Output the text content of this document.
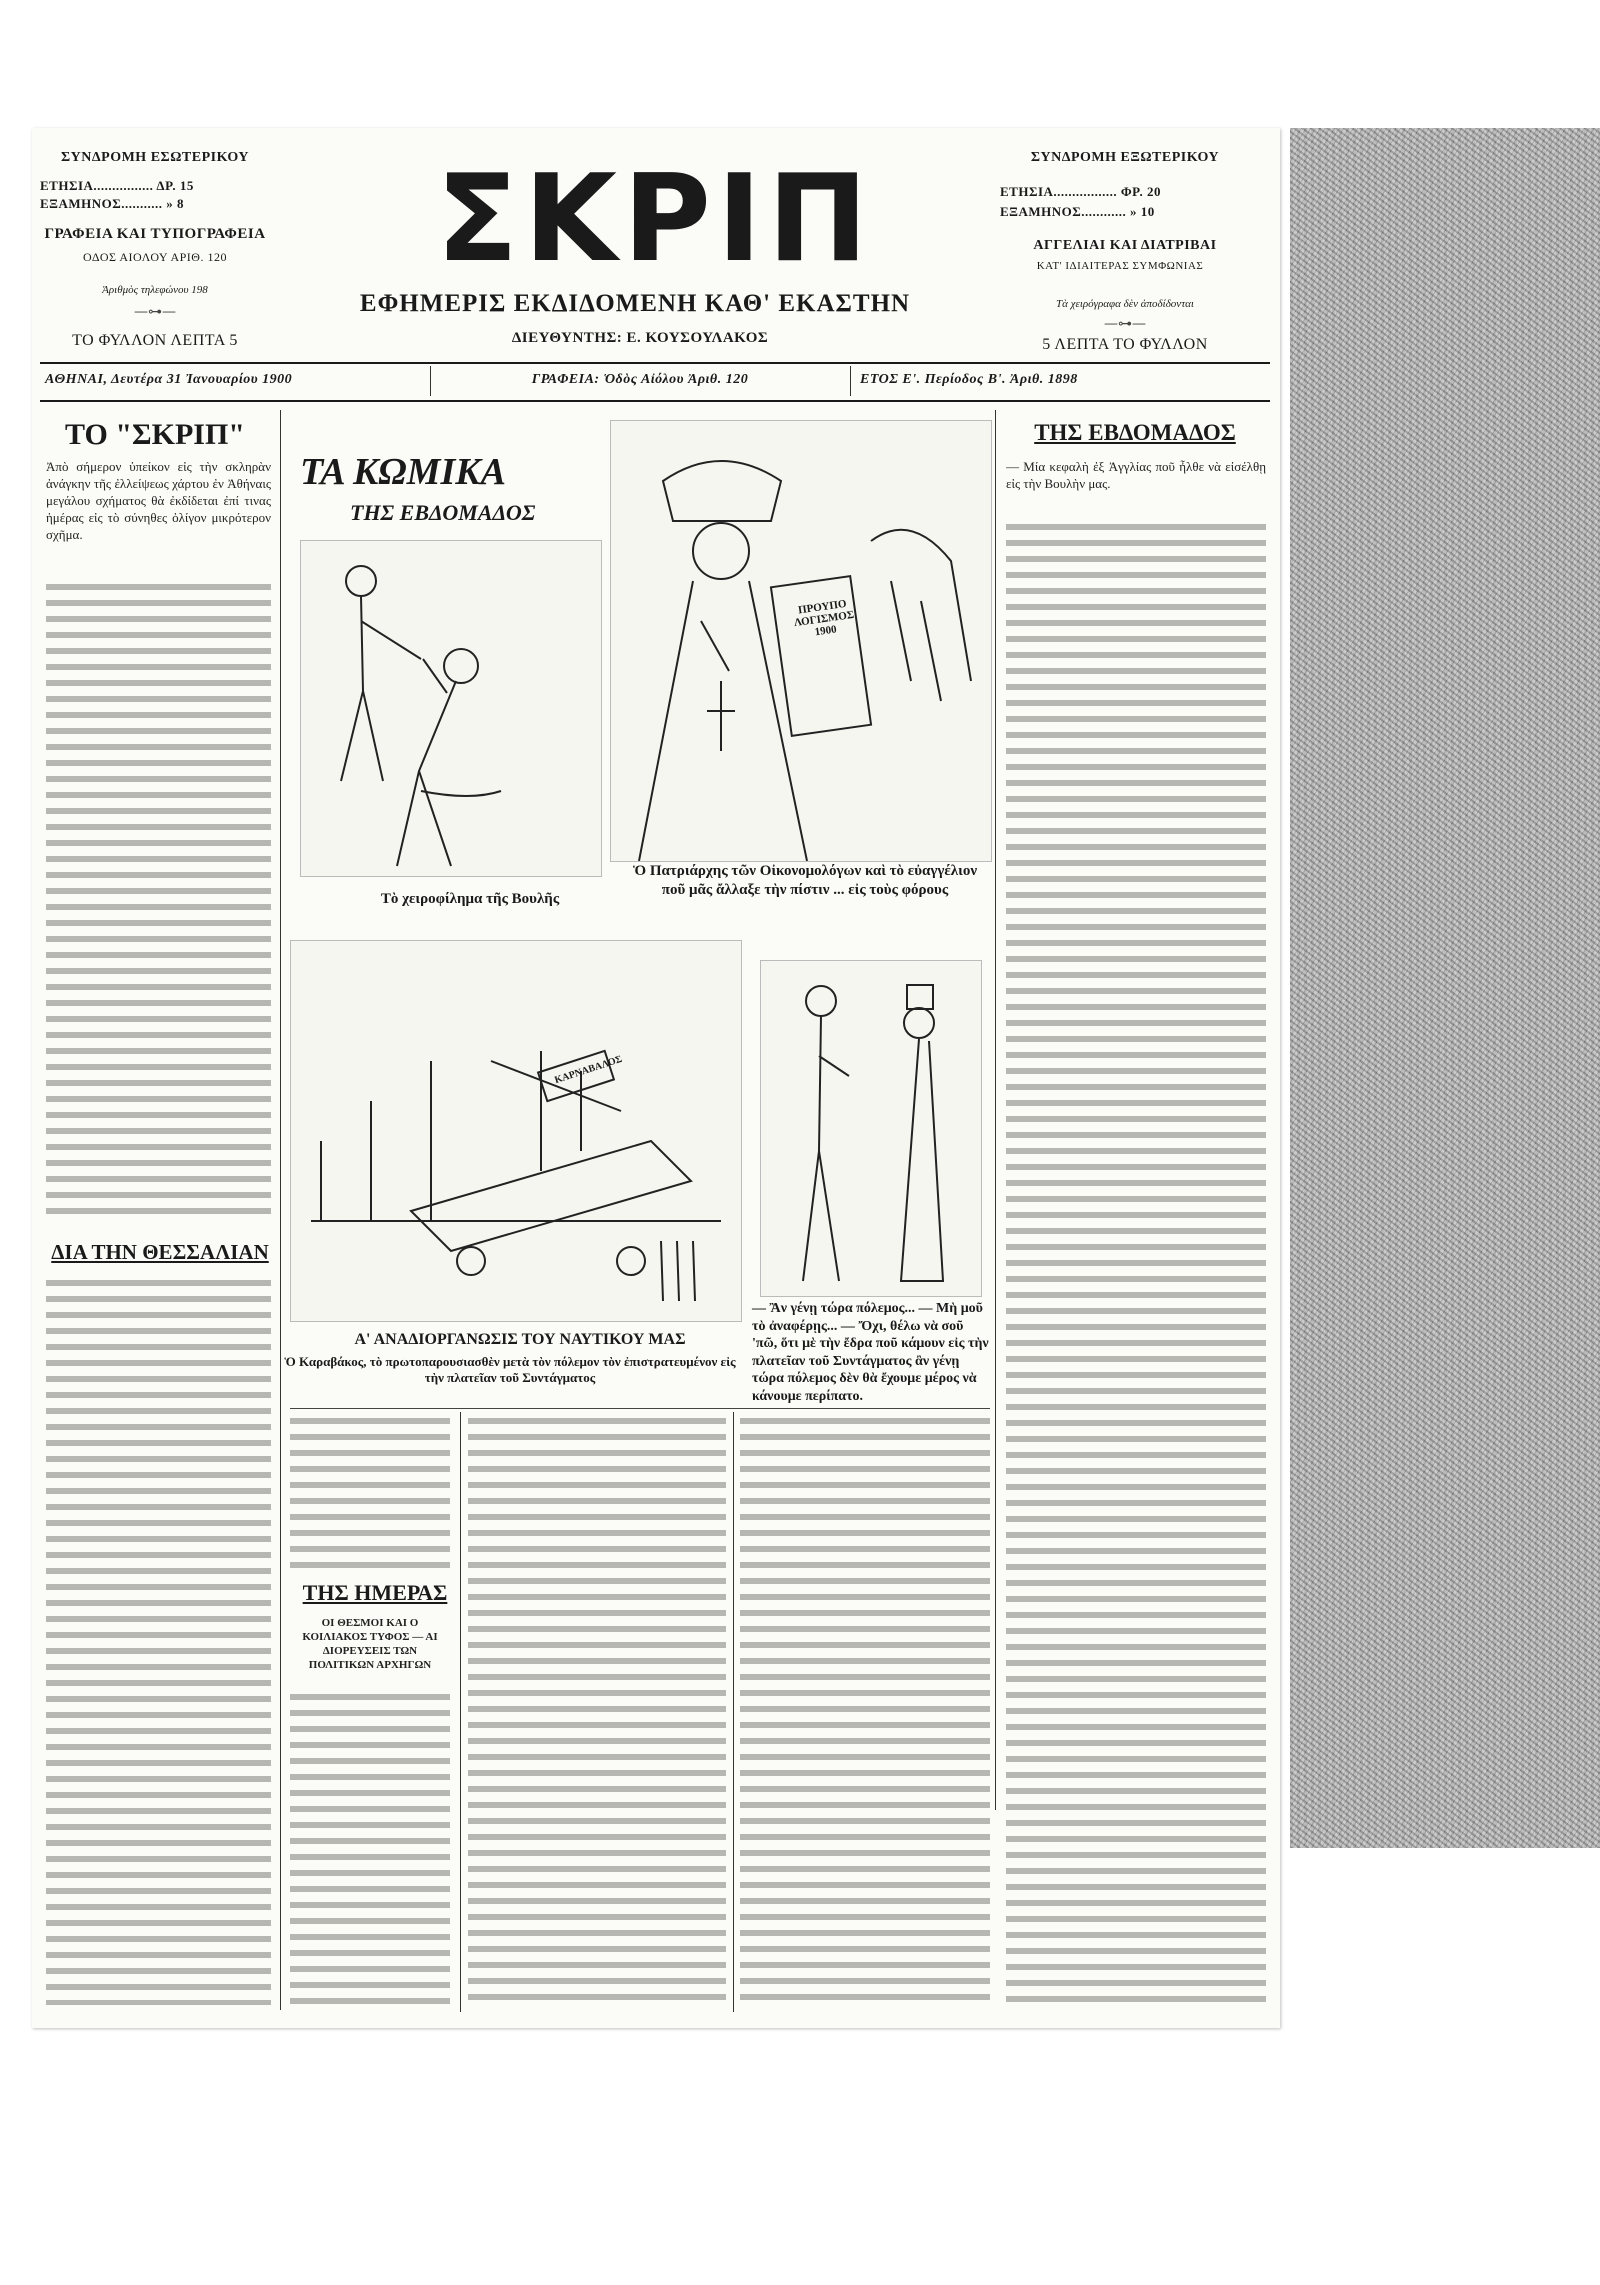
ΣΥΝΔΡΟΜΗ ΕΣΩΤΕΡΙΚΟΥ
ΕΤΗΣΙΑ................ ΔΡ. 15
ΕΞΑΜΗΝΟΣ........... » 8
ΓΡΑΦΕΙΑ ΚΑΙ ΤΥΠΟΓΡΑΦΕΙΑ
ΟΔΟΣ ΑΙΟΛΟΥ ΑΡΙΘ. 120
Ἀριθμὸς τηλεφώνου 198
—⊶—
ΤΟ ΦΥΛΛΟΝ ΛΕΠΤΑ 5
ΣΚΡΙΠ
ΕΦΗΜΕΡΙΣ ΕΚΔΙΔΟΜΕΝΗ ΚΑΘ' ΕΚΑΣΤΗΝ
ΔΙΕΥΘΥΝΤΗΣ: Ε. ΚΟΥΣΟΥΛΑΚΟΣ
ΣΥΝΔΡΟΜΗ ΕΞΩΤΕΡΙΚΟΥ
ΕΤΗΣΙΑ................. ΦΡ. 20
ΕΞΑΜΗΝΟΣ............ » 10
ΑΓΓΕΛΙΑΙ ΚΑΙ ΔΙΑΤΡΙΒΑΙ
ΚΑΤ' ΙΔΙΑΙΤΕΡΑΣ ΣΥΜΦΩΝΙΑΣ
Τὰ χειρόγραφα δὲν ἀποδίδονται
—⊶—
5 ΛΕΠΤΑ ΤΟ ΦΥΛΛΟΝ
ΑΘΗΝΑΙ, Δευτέρα 31 Ἰανουαρίου 1900	ΓΡΑΦΕΙΑ: Ὁδὸς Αἰόλου Ἀριθ. 120	ΕΤΟΣ Ε'. Περίοδος Β'. Ἀριθ. 1898
ΤΟ "ΣΚΡΙΠ"
Ἀπὸ σήμερον ὑπείκον εἰς τὴν σκληρὰν ἀνάγκην τῆς ἐλλείψεως χάρτου ἐν Ἀθήναις μεγάλου σχήματος θὰ ἐκδίδεται ἐπί τινας ἡμέρας εἰς τὸ σύνηθες ὀλίγον μικρότερον σχῆμα.
ΔΙΑ ΤΗΝ ΘΕΣΣΑΛΙΑΝ
ΤΑ ΚΩΜΙΚΑ
ΤΗΣ ΕΒΔΟΜΑΔΟΣ
Τὸ χειροφίλημα τῆς Βουλῆς
ΠΡΟΥΠΟ ΛΟΓΙΣΜΟΣ 1900
Ὁ Πατριάρχης τῶν Οἰκονομολόγων καὶ τὸ εὐαγγέλιον ποῦ μᾶς ἄλλαξε τὴν πίστιν ... εἰς τοὺς φόρους
ΚΑΡΝΑΒΑΛΟΣ
Α' ΑΝΑΔΙΟΡΓΑΝΩΣΙΣ ΤΟΥ ΝΑΥΤΙΚΟΥ ΜΑΣ
Ὁ Καραβάκος, τὸ πρωτοπαρουσιασθὲν μετὰ τὸν πόλεμον τὸν ἐπιστρατευμένον εἰς τὴν πλατεῖαν τοῦ Συντάγματος
— Ἂν γένῃ τώρα πόλεμος... — Μὴ μοῦ τὸ ἀναφέρῃς... — Ὄχι, θέλω νὰ σοῦ 'πῶ, ὅτι μὲ τὴν ἔδρα ποῦ κάμουν εἰς τὴν πλατεῖαν τοῦ Συντάγματος ἂν γένῃ τώρα πόλεμος δὲν θὰ ἔχουμε μέρος νὰ κάνουμε περίπατο.
ΤΗΣ ΕΒΔΟΜΑΔΟΣ
— Μία κεφαλὴ ἐξ Ἀγγλίας ποῦ ἦλθε νὰ εἰσέλθῃ εἰς τὴν Βουλὴν μας.
ΤΗΣ ΗΜΕΡΑΣ
ΟΙ ΘΕΣΜΟΙ ΚΑΙ Ο ΚΟΙΛΙΑΚΟΣ ΤΥΦΟΣ — ΑΙ ΔΙΟΡΕΥΣΕΙΣ ΤΩΝ ΠΟΛΙΤΙΚΩΝ ΑΡΧΗΓΩΝ
